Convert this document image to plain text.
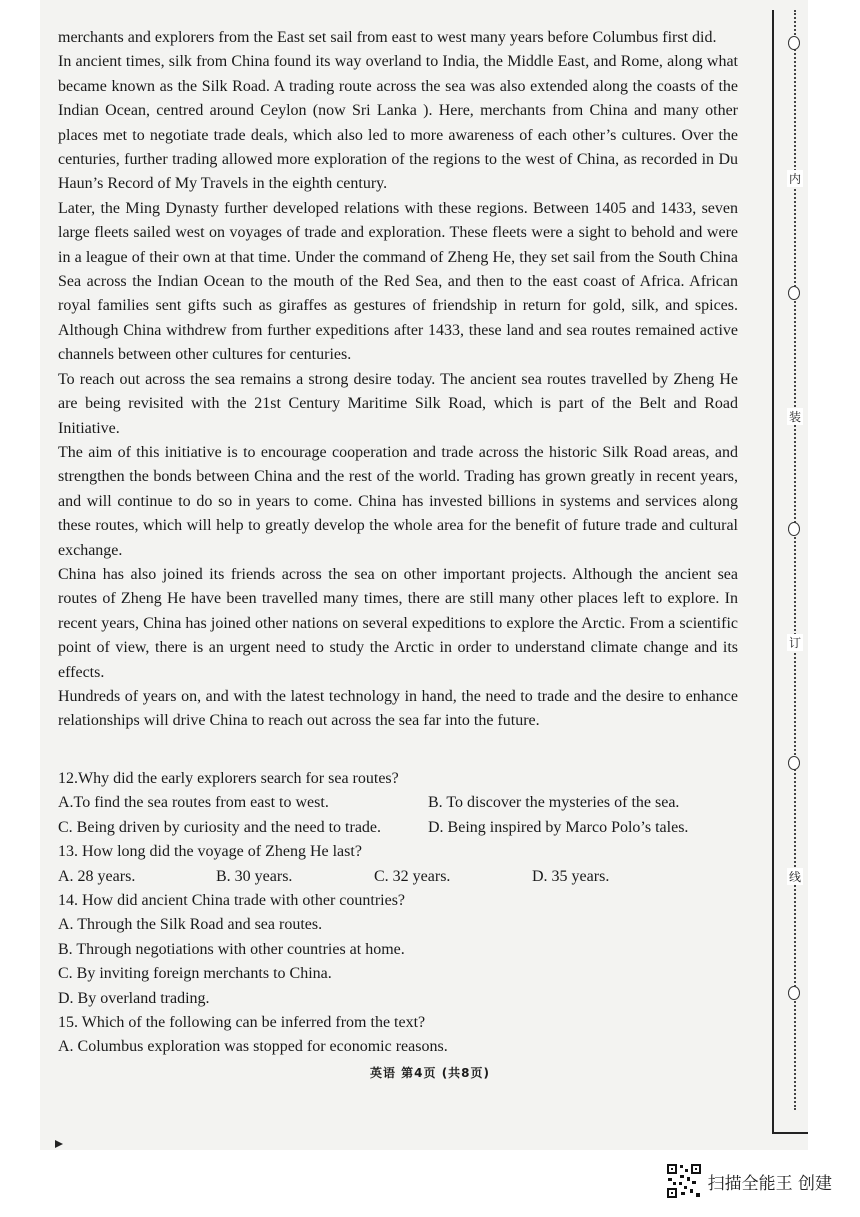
merchants and explorers from the East set sail from east to west many years before Columbus first did.

In ancient times, silk from China found its way overland to India, the Middle East, and Rome, along what became known as the Silk Road. A trading route across the sea was also extended along the coasts of the Indian Ocean, centred around Ceylon (now Sri Lanka ). Here, merchants from China and many other places met to negotiate trade deals, which also led to more awareness of each other’s cultures. Over the centuries, further trading allowed more exploration of the regions to the west of China, as recorded in Du Haun’s Record of My Travels in the eighth century.

Later, the Ming Dynasty further developed relations with these regions. Between 1405 and 1433, seven large fleets sailed west on voyages of trade and exploration. These fleets were a sight to behold and were in a league of their own at that time. Under the command of Zheng He, they set sail from the South China Sea across the Indian Ocean to the mouth of the Red Sea, and then to the east coast of Africa. African royal families sent gifts such as giraffes as gestures of friendship in return for gold, silk, and spices. Although China withdrew from further expeditions after 1433, these land and sea routes remained active channels between other cultures for centuries.

To reach out across the sea remains a strong desire today. The ancient sea routes travelled by Zheng He are being revisited with the 21st Century Maritime Silk Road, which is part of the Belt and Road Initiative.

The aim of this initiative is to encourage cooperation and trade across the historic Silk Road areas, and strengthen the bonds between China and the rest of the world. Trading has grown greatly in recent years, and will continue to do so in years to come. China has invested billions in systems and services along these routes, which will help to greatly develop the whole area for the benefit of future trade and cultural exchange.

China has also joined its friends across the sea on other important projects. Although the ancient sea routes of Zheng He have been travelled many times, there are still many other places left to explore. In recent years, China has joined other nations on several expeditions to explore the Arctic. From a scientific point of view, there is an urgent need to study the Arctic in order to understand climate change and its effects.

Hundreds of years on, and with the latest technology in hand, the need to trade and the desire to enhance relationships will drive China to reach out across the sea far into the future.

12.Why did the early explorers search for sea routes?
A.To find the sea routes from east to west.	B. To discover the mysteries of the sea.
C. Being driven by curiosity and the need to trade.	D. Being inspired by Marco Polo’s tales.
13. How long did the voyage of Zheng He last?
A. 28 years.	B. 30 years.	C. 32 years.	D. 35 years.
14. How did ancient China trade with other countries?
A. Through the Silk Road and sea routes.
B. Through negotiations with other countries at home.
C. By inviting foreign merchants to China.
D. By overland trading.
15. Which of the following can be inferred from the text?
A. Columbus exploration was stopped for economic reasons.
英语 第4页 (共8页)
内
装
订
线
扫描全能王 创建
